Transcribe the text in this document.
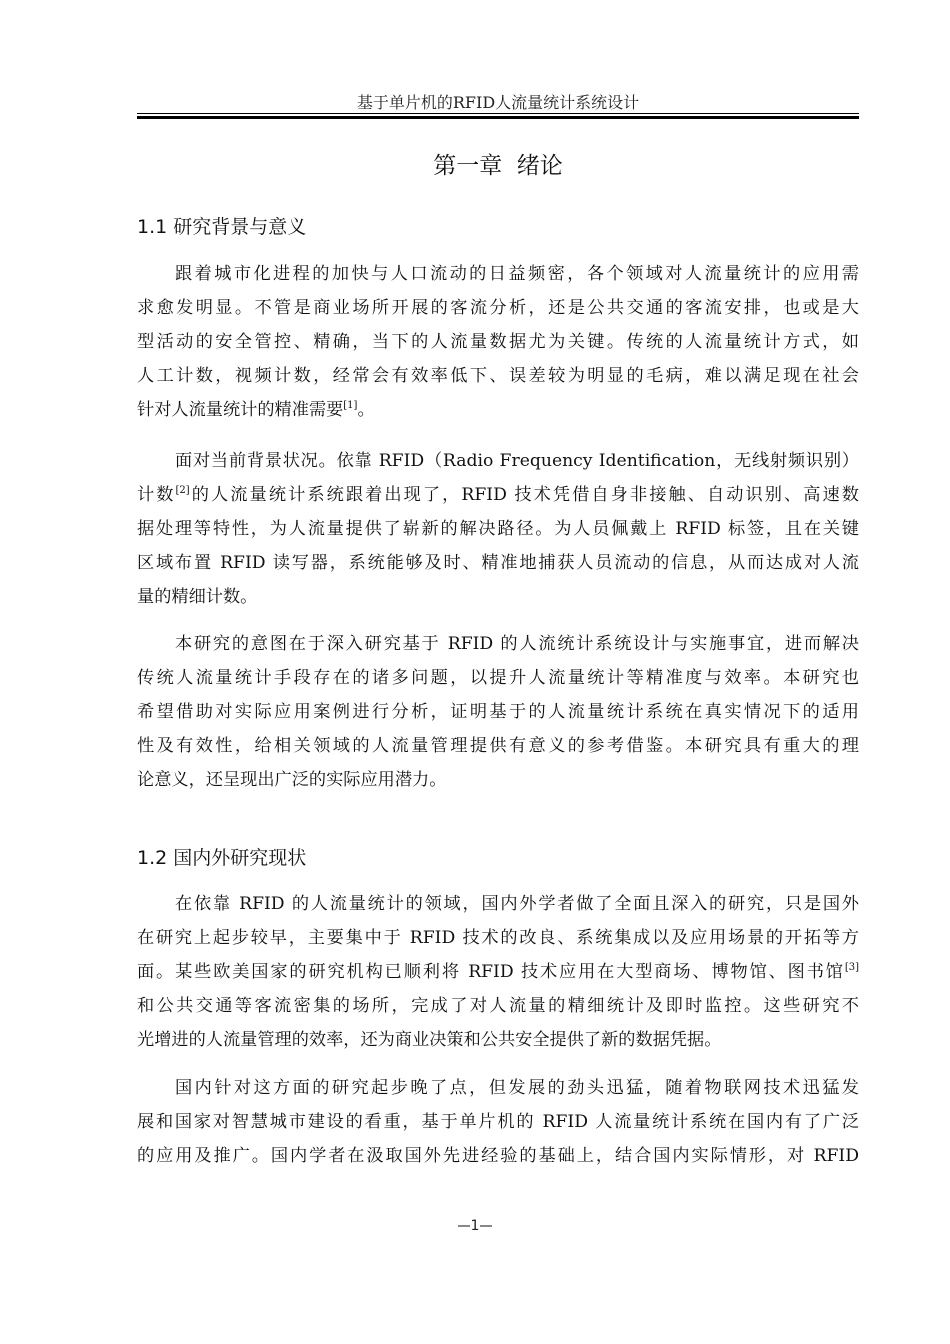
基于单片机的RFID人流量统计系统设计
第一章  绪论
1.1 研究背景与意义
跟着城市化进程的加快与人口流动的日益频密，各个领域对人流量统计的应用需
求愈发明显。不管是商业场所开展的客流分析，还是公共交通的客流安排，也或是大
型活动的安全管控、精确，当下的人流量数据尤为关键。传统的人流量统计方式，如
人工计数，视频计数，经常会有效率低下、误差较为明显的毛病，难以满足现在社会
针对人流量统计的精准需要[1]。
面对当前背景状况。依靠 RFID（Radio Frequency Identification，无线射频识别）
计数[2]的人流量统计系统跟着出现了，RFID 技术凭借自身非接触、自动识别、高速数
据处理等特性，为人流量提供了崭新的解决路径。为人员佩戴上 RFID 标签，且在关键
区域布置 RFID 读写器，系统能够及时、精准地捕获人员流动的信息，从而达成对人流
量的精细计数。
本研究的意图在于深入研究基于 RFID 的人流统计系统设计与实施事宜，进而解决
传统人流量统计手段存在的诸多问题，以提升人流量统计等精准度与效率。本研究也
希望借助对实际应用案例进行分析，证明基于的人流量统计系统在真实情况下的适用
性及有效性，给相关领域的人流量管理提供有意义的参考借鉴。本研究具有重大的理
论意义，还呈现出广泛的实际应用潜力。
1.2 国内外研究现状
在依靠 RFID 的人流量统计的领域，国内外学者做了全面且深入的研究，只是国外
在研究上起步较早，主要集中于 RFID 技术的改良、系统集成以及应用场景的开拓等方
面。某些欧美国家的研究机构已顺利将 RFID 技术应用在大型商场、博物馆、图书馆[3]
和公共交通等客流密集的场所，完成了对人流量的精细统计及即时监控。这些研究不
光增进的人流量管理的效率，还为商业决策和公共安全提供了新的数据凭据。
国内针对这方面的研究起步晚了点，但发展的劲头迅猛，随着物联网技术迅猛发
展和国家对智慧城市建设的看重，基于单片机的 RFID 人流量统计系统在国内有了广泛
的应用及推广。国内学者在汲取国外先进经验的基础上，结合国内实际情形，对 RFID
1
